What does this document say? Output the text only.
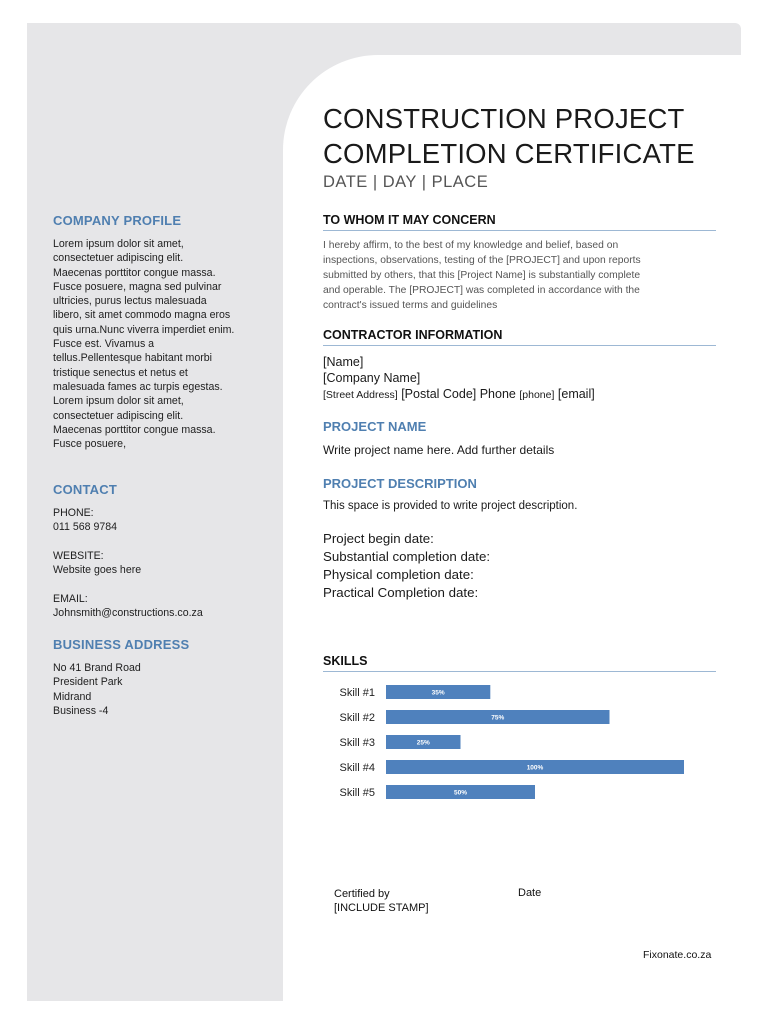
COMPANY PROFILE
Lorem ipsum dolor sit amet,
consectetuer adipiscing elit.
Maecenas porttitor congue massa.
Fusce posuere, magna sed pulvinar
ultricies, purus lectus malesuada
libero, sit amet commodo magna eros
quis urna.Nunc viverra imperdiet enim.
Fusce est. Vivamus a
tellus.Pellentesque habitant morbi
tristique senectus et netus et
malesuada fames ac turpis egestas.
Lorem ipsum dolor sit amet,
consectetuer adipiscing elit.
Maecenas porttitor congue massa.
Fusce posuere,
CONTACT
PHONE:
011 568 9784
WEBSITE:
Website goes here
EMAIL:
Johnsmith@constructions.co.za
BUSINESS ADDRESS
No 41 Brand Road
President Park
Midrand
Business -4
CONSTRUCTION PROJECT
COMPLETION CERTIFICATE
DATE | DAY | PLACE
TO WHOM IT MAY CONCERN
I hereby affirm, to the best of my knowledge and belief, based on
inspections, observations, testing of the [PROJECT] and upon reports
submitted by others, that this [Project Name] is substantially complete
and operable. The [PROJECT] was completed in accordance with the
contract's issued terms and guidelines
CONTRACTOR INFORMATION
[Name]
[Company Name]
[Street Address] [Postal Code] Phone [phone] [email]
PROJECT NAME
Write project name here. Add further details
PROJECT DESCRIPTION
This space is provided to write project description.
Project begin date:
Substantial completion date:
Physical completion date:
Practical Completion date:
SKILLS
Skill #1	35%
Skill #2	75%
Skill #3	25%
Skill #4	100%
Skill #5	50%
Certified by
[INCLUDE STAMP]
Date
Fixonate.co.za
